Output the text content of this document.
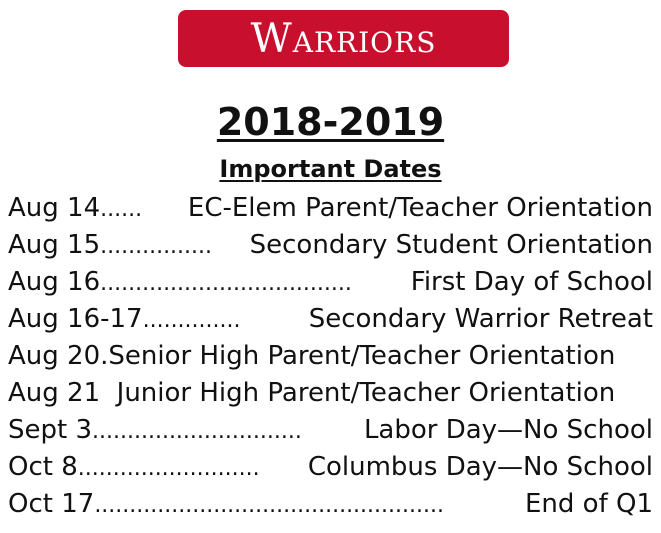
Warriors
2018-2019
Important Dates
Aug 14 ......	EC-Elem Parent/Teacher Orientation
Aug 15 ................	Secondary Student Orientation
Aug 16 ....................................	First Day of School
Aug 16-17 ..............	Secondary Warrior Retreat
Aug 20.Senior High Parent/Teacher Orientation
Aug 21  Junior High Parent/Teacher Orientation
Sept 3 ..............................	Labor Day—No School
Oct 8 ..........................	Columbus Day—No School
Oct 17 ..................................................	End of Q1
